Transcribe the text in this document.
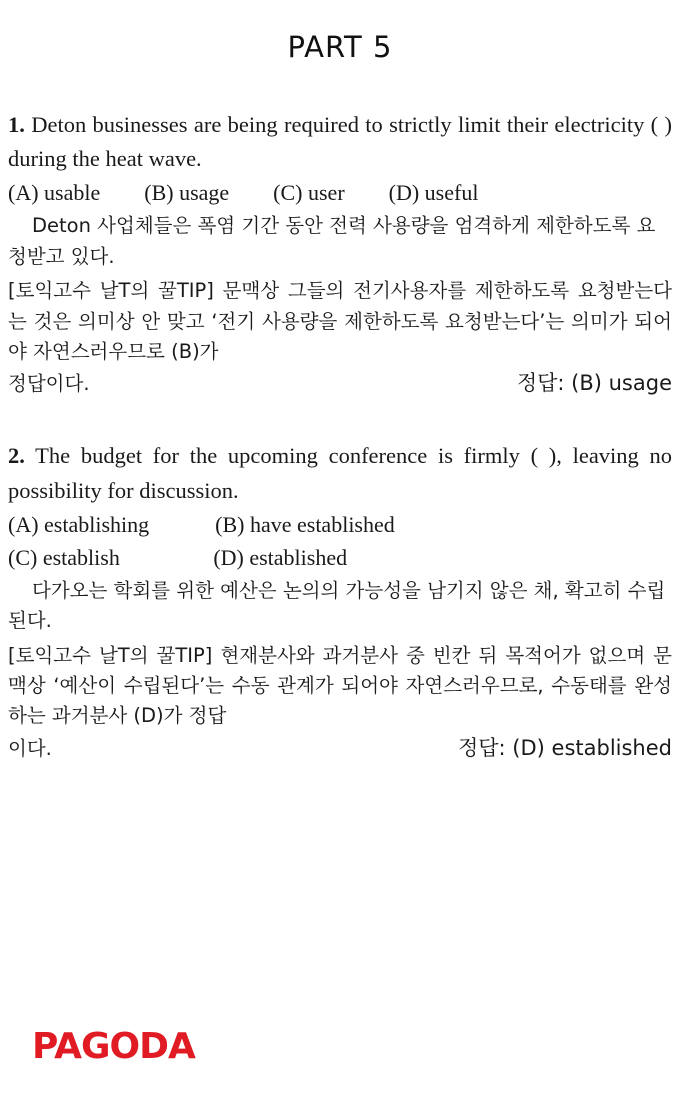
PART 5
1. Deton businesses are being required to strictly limit their electricity ( ) during the heat wave.
(A) usable        (B) usage        (C) user        (D) useful
Deton 사업체들은 폭염 기간 동안 전력 사용량을 엄격하게 제한하도록 요청받고 있다.
[토익고수 날T의 꿀TIP] 문맥상 그들의 전기사용자를 제한하도록 요청받는다는 것은 의미상 안 맞고 ‘전기 사용량을 제한하도록 요청받는다’는 의미가 되어야 자연스러우므로 (B)가
정답이다.	정답: (B) usage
2. The budget for the upcoming conference is firmly ( ), leaving no possibility for discussion.
(A) establishing            (B) have established
(C) establish                 (D) established
다가오는 학회를 위한 예산은 논의의 가능성을 남기지 않은 채, 확고히 수립된다.
[토익고수 날T의 꿀TIP] 현재분사와 과거분사 중 빈칸 뒤 목적어가 없으며 문맥상 ‘예산이 수립된다’는 수동 관계가 되어야 자연스러우므로, 수동태를 완성하는 과거분사 (D)가 정답
이다.	정답: (D) established
PAGODA
